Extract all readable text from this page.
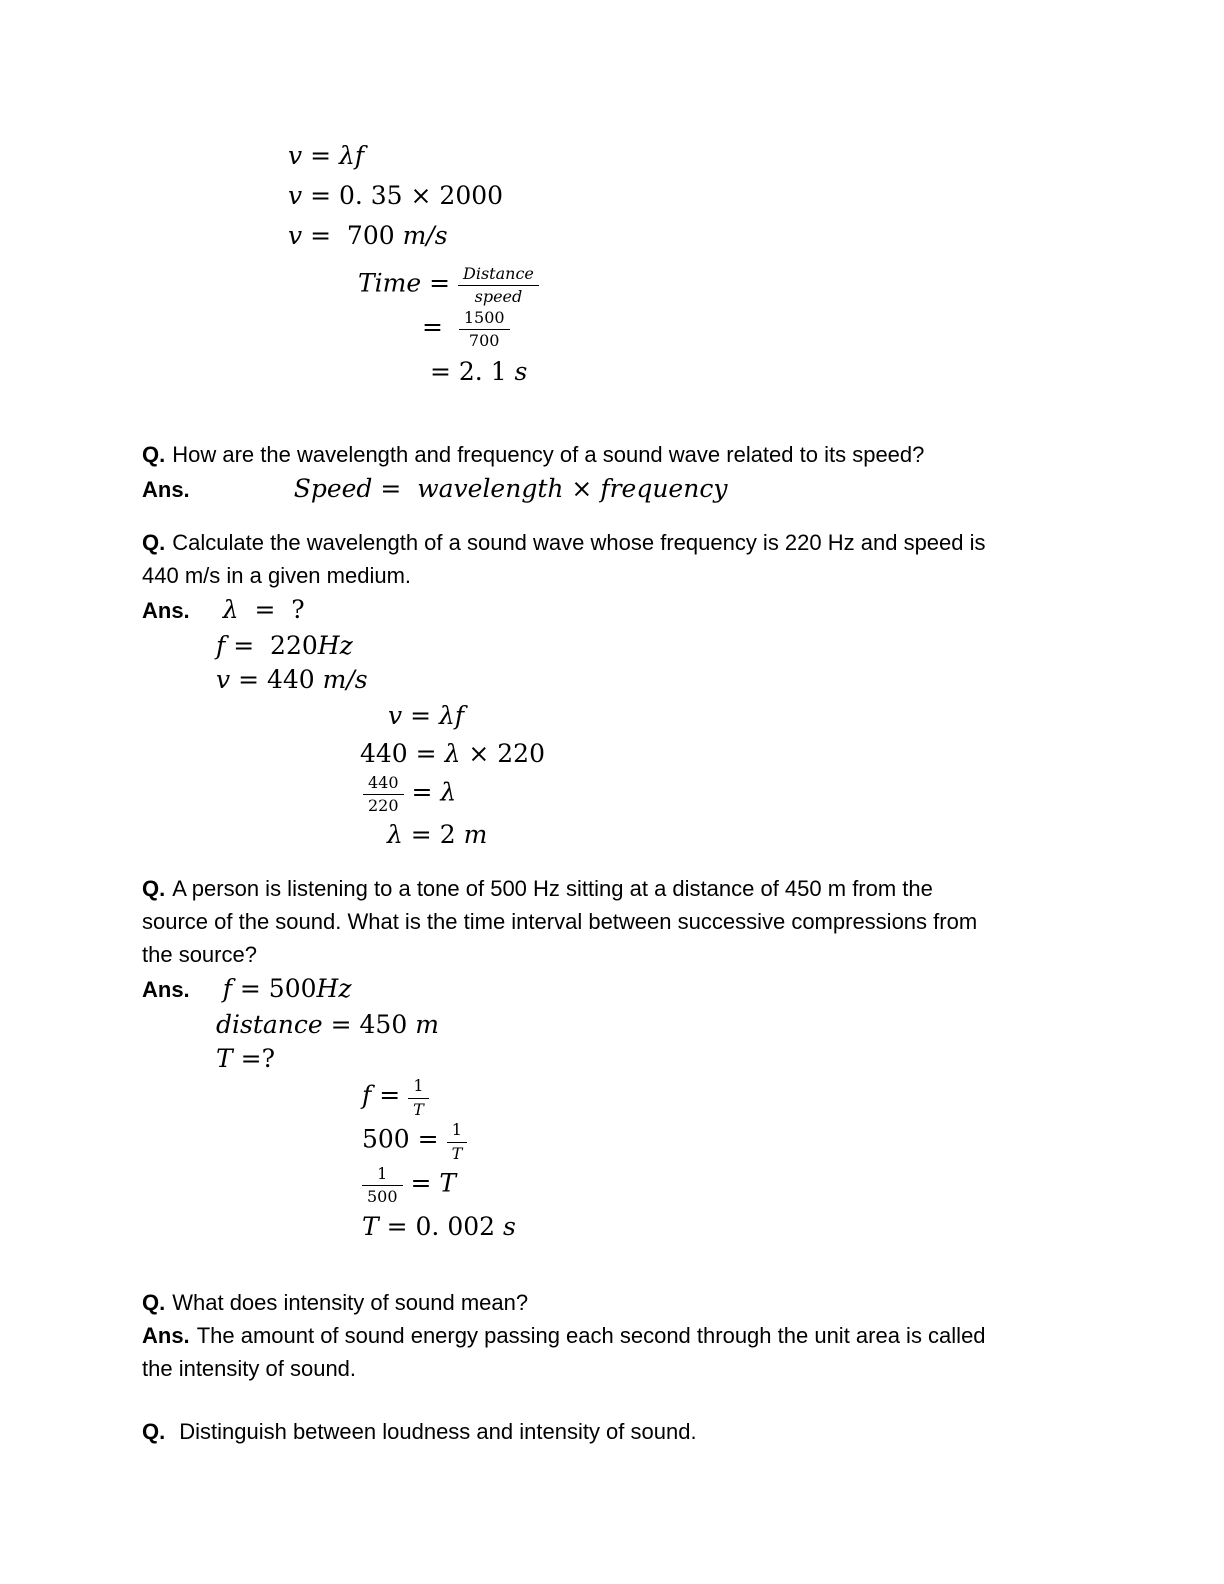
v = λf
v = 0. 35 × 2000
v =  700 m/s
Time = $\frac{\text{Distance}}{\text{speed}}$
= $\frac{1500}{700}$
= 2. 1 s
Q. How are the wavelength and frequency of a sound wave related to its speed?
Ans.	Speed =  wavelength × frequency
Q. Calculate the wavelength of a sound wave whose frequency is 220 Hz and speed is
440 m/s in a given medium.
Ans. λ  =  ?
f =  220Hz
v = 440 m/s
v = λf
440 = λ × 220
$\frac{440}{220} = \lambda$
λ = 2 m
Q. A person is listening to a tone of 500 Hz sitting at a distance of 450 m from the
source of the sound. What is the time interval between successive compressions from
the source?
Ans. f = 500Hz
distance = 450 m
T =?
$f = \frac{1}{T}$
$500 = \frac{1}{T}$
$\frac{1}{500} = T$
T = 0. 002 s
Q. What does intensity of sound mean?
Ans. The amount of sound energy passing each second through the unit area is called
the intensity of sound.
Q. Distinguish between loudness and intensity of sound.
